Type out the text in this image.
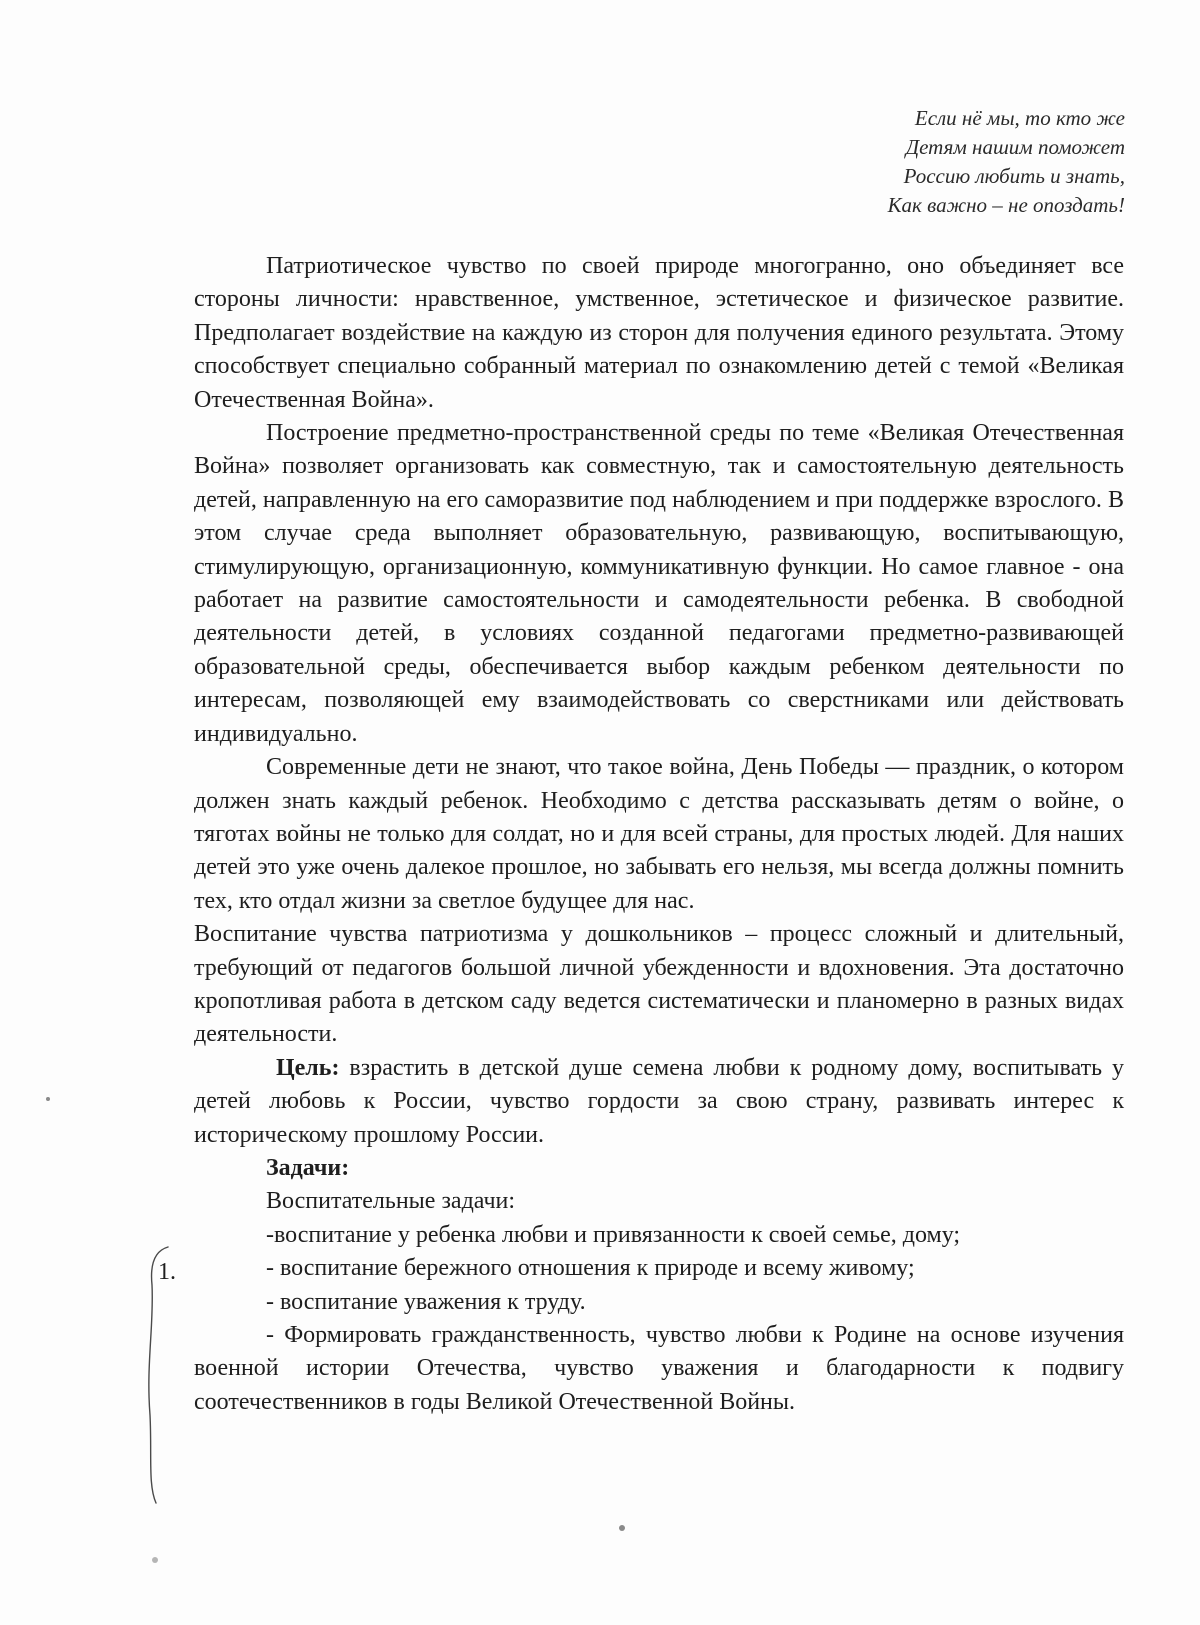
Если нё мы, то кто же
Детям нашим поможет
Россию любить и знать,
Как важно – не опоздать!

Патриотическое чувство по своей природе многогранно, оно объединяет все стороны личности: нравственное, умственное, эстетическое и физическое развитие. Предполагает воздействие на каждую из сторон для получения единого результата. Этому способствует специально собранный материал по ознакомлению детей с темой «Великая Отечественная Война».

Построение предметно-пространственной среды по теме «Великая Отечественная Война» позволяет организовать как совместную, так и самостоятельную деятельность детей, направленную на его саморазвитие под наблюдением и при поддержке взрослого. В этом случае среда выполняет образовательную, развивающую, воспитывающую, стимулирующую, организационную, коммуникативную функции. Но самое главное - она работает на развитие самостоятельности и самодеятельности ребенка. В свободной деятельности детей, в условиях созданной педагогами предметно-развивающей образовательной среды, обеспечивается выбор каждым ребенком деятельности по интересам, позволяющей ему взаимодействовать со сверстниками или действовать индивидуально.

Современные дети не знают, что такое война, День Победы — праздник, о котором должен знать каждый ребенок. Необходимо с детства рассказывать детям о войне, о тяготах войны не только для солдат, но и для всей страны, для простых людей. Для наших детей это уже очень далекое прошлое, но забывать его нельзя, мы всегда должны помнить тех, кто отдал жизни за светлое будущее для нас.

Воспитание чувства патриотизма у дошкольников – процесс сложный и длительный, требующий от педагогов большой личной убежденности и вдохновения. Эта достаточно кропотливая работа в детском саду ведется систематически и планомерно в разных видах деятельности.

Цель: взрастить в детской душе семена любви к родному дому, воспитывать у детей любовь к России, чувство гордости за свою страну, развивать интерес к историческому прошлому России.

Задачи:

Воспитательные задачи:

-воспитание у ребенка любви и привязанности к своей семье, дому;

- воспитание бережного отношения к природе и всему живому;

- воспитание уважения к труду.

- Формировать гражданственность, чувство любви к Родине на основе изучения военной истории Отечества, чувство уважения и благодарности к подвигу соотечественников в годы Великой Отечественной Войны.

1.
